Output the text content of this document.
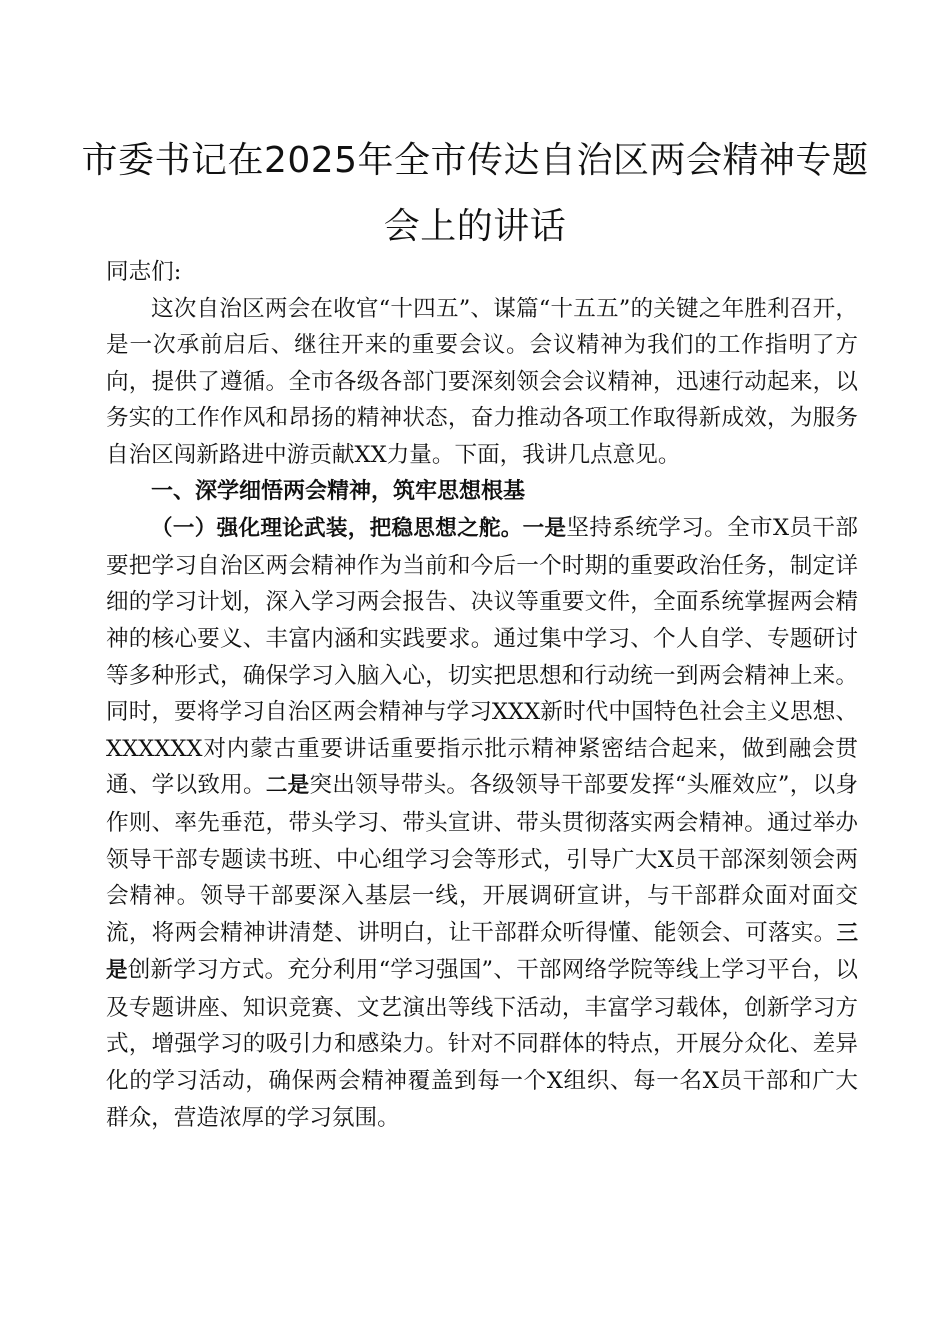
市委书记在2025年全市传达自治区两会精神专题会上的讲话

同志们:

这次自治区两会在收官“十四五”、谋篇“十五五”的关键之年胜利召开，是一次承前启后、继往开来的重要会议。会议精神为我们的工作指明了方向，提供了遵循。全市各级各部门要深刻领会会议精神，迅速行动起来，以务实的工作作风和昂扬的精神状态，奋力推动各项工作取得新成效，为服务自治区闯新路进中游贡献XX力量。下面，我讲几点意见。

一、深学细悟两会精神，筑牢思想根基

（一）强化理论武装，把稳思想之舵。一是坚持系统学习。全市X员干部要把学习自治区两会精神作为当前和今后一个时期的重要政治任务，制定详细的学习计划，深入学习两会报告、决议等重要文件，全面系统掌握两会精神的核心要义、丰富内涵和实践要求。通过集中学习、个人自学、专题研讨等多种形式，确保学习入脑入心，切实把思想和行动统一到两会精神上来。同时，要将学习自治区两会精神与学习XXX新时代中国特色社会主义思想、XXXXXX对内蒙古重要讲话重要指示批示精神紧密结合起来，做到融会贯通、学以致用。二是突出领导带头。各级领导干部要发挥“头雁效应”，以身作则、率先垂范，带头学习、带头宣讲、带头贯彻落实两会精神。通过举办领导干部专题读书班、中心组学习会等形式，引导广大X员干部深刻领会两会精神。领导干部要深入基层一线，开展调研宣讲，与干部群众面对面交流，将两会精神讲清楚、讲明白，让干部群众听得懂、能领会、可落实。三是创新学习方式。充分利用“学习强国”、干部网络学院等线上学习平台，以及专题讲座、知识竞赛、文艺演出等线下活动，丰富学习载体，创新学习方式，增强学习的吸引力和感染力。针对不同群体的特点，开展分众化、差异化的学习活动，确保两会精神覆盖到每一个X组织、每一名X员干部和广大群众，营造浓厚的学习氛围。
